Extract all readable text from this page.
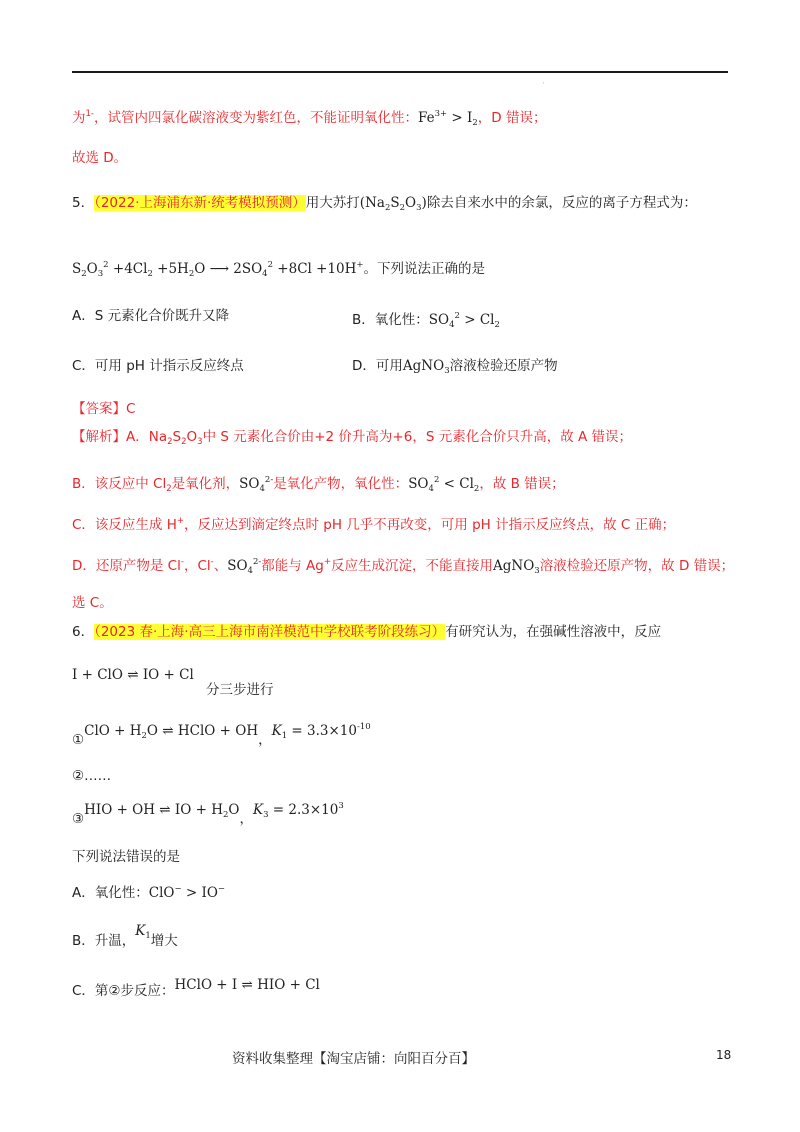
'
为$^{1-}$，试管内四氯化碳溶液变为紫红色，不能证明氧化性：$Fe^{3+} > I_2$，D 错误；
故选 D。
5．（2022·上海浦东新·统考模拟预测）用大苏打$(Na_2S_2O_3)$除去自来水中的余氯，反应的离子方程式为：
$S_2O_3^2 +4Cl_2 +5H_2O$ ⟶ $2SO_4^2 +8Cl +10H^+$。下列说法正确的是
A．S 元素化合价既升又降	B．氧化性：$SO_4^2 > Cl_2$
C．可用 pH 计指示反应终点	D．可用AgNO$_3$溶液检验还原产物
【答案】C
【解析】A．$Na_2S_2O_3$中 S 元素化合价由+2 价升高为+6，S 元素化合价只升高，故 A 错误；
B．该反应中 $Cl_2$是氧化剂，$SO_4^{2-}$是氧化产物，氧化性：$SO_4^2 < Cl_2$，故 B 错误；
C．该反应生成 H+，反应达到滴定终点时 pH 几乎不再改变，可用 pH 计指示反应终点，故 C 正确；
D．还原产物是 Cl-，Cl-、$SO_4^{2-}$都能与 Ag+反应生成沉淀，不能直接用AgNO$_3$溶液检验还原产物，故 D 错误；
选 C。
6．（2023 春·上海·高三上海市南洋模范中学校联考阶段练习）有研究认为，在强碱性溶液中，反应
I + ClO ⇌ IO + Cl
分三步进行
①ClO + $H_2O$ ⇌ HClO + OH，$K_1 = 3.3\times 10^{-10}$
②……
③HIO + OH ⇌ IO + $H_2O$，$K_3 = 2.3\times 10^3$
下列说法错误的是
A．氧化性：ClO− > IO−
B．升温，$K_1$增大
C．第②步反应：HClO + I ⇌ HIO + Cl
资料收集整理【淘宝店铺：向阳百分百】	18
